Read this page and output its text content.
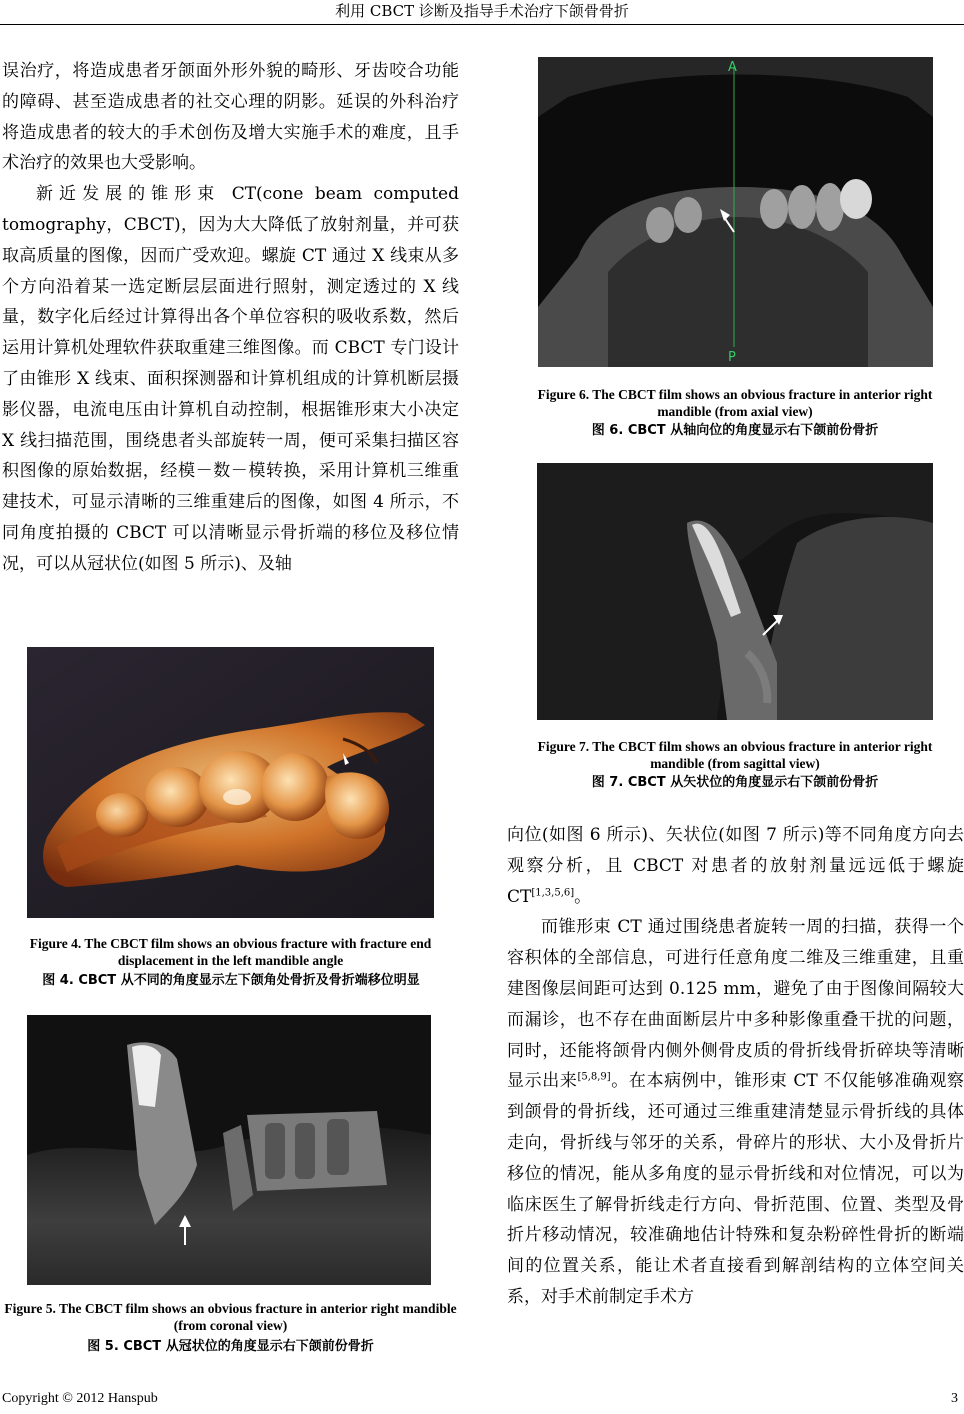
利用 CBCT 诊断及指导手术治疗下颌骨骨折

误治疗，将造成患者牙颌面外形外貌的畸形、牙齿咬合功能的障碍、甚至造成患者的社交心理的阴影。延误的外科治疗将造成患者的较大的手术创伤及增大实施手术的难度，且手术治疗的效果也大受影响。

新近发展的锥形束 CT(cone beam computed tomography，CBCT)，因为大大降低了放射剂量，并可获取高质量的图像，因而广受欢迎。螺旋 CT 通过 X 线束从多个方向沿着某一选定断层层面进行照射，测定透过的 X 线量，数字化后经过计算得出各个单位容积的吸收系数，然后运用计算机处理软件获取重建三维图像。而 CBCT 专门设计了由锥形 X 线束、面积探测器和计算机组成的计算机断层摄影仪器，电流电压由计算机自动控制，根据锥形束大小决定 X 线扫描范围，围绕患者头部旋转一周，便可采集扫描区容积图像的原始数据，经模－数－模转换，采用计算机三维重建技术，可显示清晰的三维重建后的图像，如图 4 所示，不同角度拍摄的 CBCT 可以清晰显示骨折端的移位及移位情况，可以从冠状位(如图 5 所示)、及轴

Figure 4. The CBCT film shows an obvious fracture with fracture end displacement in the left mandible angle
图 4. CBCT 从不同的角度显示左下颌角处骨折及骨折端移位明显
Figure 5. The CBCT film shows an obvious fracture in anterior right mandible (from coronal view)
图 5. CBCT 从冠状位的角度显示右下颌前份骨折
A
P
Figure 6. The CBCT film shows an obvious fracture in anterior right mandible (from axial view)
图 6. CBCT 从轴向位的角度显示右下颌前份骨折
Figure 7. The CBCT film shows an obvious fracture in anterior right mandible (from sagittal view)
图 7. CBCT 从矢状位的角度显示右下颌前份骨折

向位(如图 6 所示)、矢状位(如图 7 所示)等不同角度方向去观察分析，且 CBCT 对患者的放射剂量远远低于螺旋 CT[1,3,5,6]。

而锥形束 CT 通过围绕患者旋转一周的扫描，获得一个容积体的全部信息，可进行任意角度二维及三维重建，且重建图像层间距可达到 0.125 mm，避免了由于图像间隔较大而漏诊，也不存在曲面断层片中多种影像重叠干扰的问题，同时，还能将颌骨内侧外侧骨皮质的骨折线骨折碎块等清晰显示出来[5,8,9]。在本病例中，锥形束 CT 不仅能够准确观察到颌骨的骨折线，还可通过三维重建清楚显示骨折线的具体走向，骨折线与邻牙的关系，骨碎片的形状、大小及骨折片移位的情况，能从多角度的显示骨折线和对位情况，可以为临床医生了解骨折线走行方向、骨折范围、位置、类型及骨折片移动情况，较准确地估计特殊和复杂粉碎性骨折的断端间的位置关系，能让术者直接看到解剖结构的立体空间关系，对手术前制定手术方

Copyright © 2012 Hanspub	3
